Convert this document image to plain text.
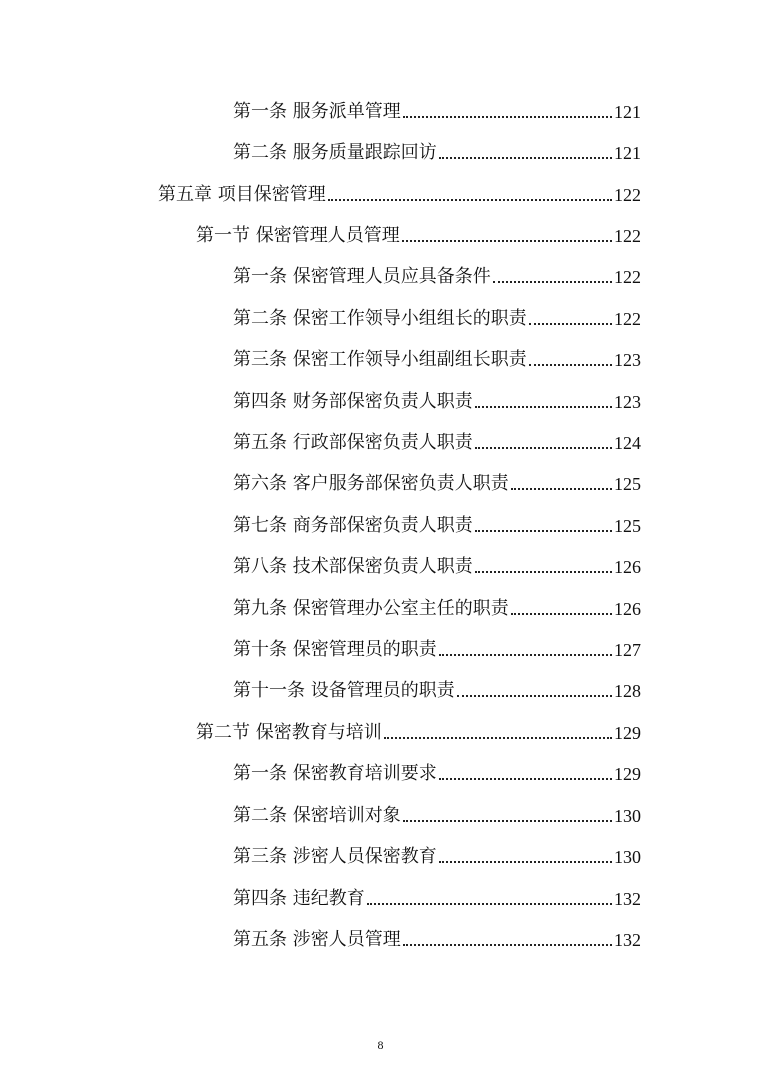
第一条 服务派单管理	121
第二条 服务质量跟踪回访	121
第五章 项目保密管理	122
第一节 保密管理人员管理	122
第一条 保密管理人员应具备条件	122
第二条 保密工作领导小组组长的职责	122
第三条 保密工作领导小组副组长职责	123
第四条 财务部保密负责人职责	123
第五条 行政部保密负责人职责	124
第六条 客户服务部保密负责人职责	125
第七条 商务部保密负责人职责	125
第八条 技术部保密负责人职责	126
第九条 保密管理办公室主任的职责	126
第十条 保密管理员的职责	127
第十一条 设备管理员的职责	128
第二节 保密教育与培训	129
第一条 保密教育培训要求	129
第二条 保密培训对象	130
第三条 涉密人员保密教育	130
第四条 违纪教育	132
第五条 涉密人员管理	132
8
